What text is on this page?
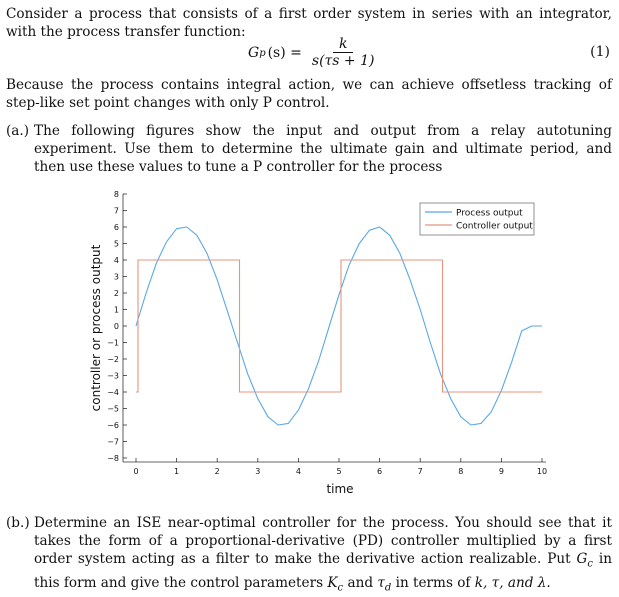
Consider a process that consists of a first order system in series with an integrator, with the process transfer function:
G p $(s) = \frac{k}{s(\tau s + 1)}$	(1)
Because the process contains integral action, we can achieve offsetless tracking of step-like set point changes with only P control.
(a.) The following figures show the input and output from a relay autotuning experiment. Use them to determine the ultimate gain and ultimate period, and then use these values to tune a P controller for the process
8
7
6
5
4
3
2
1
0
−1
−2
−3
−4
−5
−6
−7
−8
0	1	2	3	4	5	6	7	8	9	10
time
controller or process output
Process output
Controller output
(b.) Determine an ISE near-optimal controller for the process. You should see that it takes the form of a proportional-derivative (PD) controller multiplied by a first order system acting as a filter to make the derivative action realizable. Put $G_c$ in this form and give the control parameters $K_c$ and $\tau_d$ in terms of k, τ, and λ.
